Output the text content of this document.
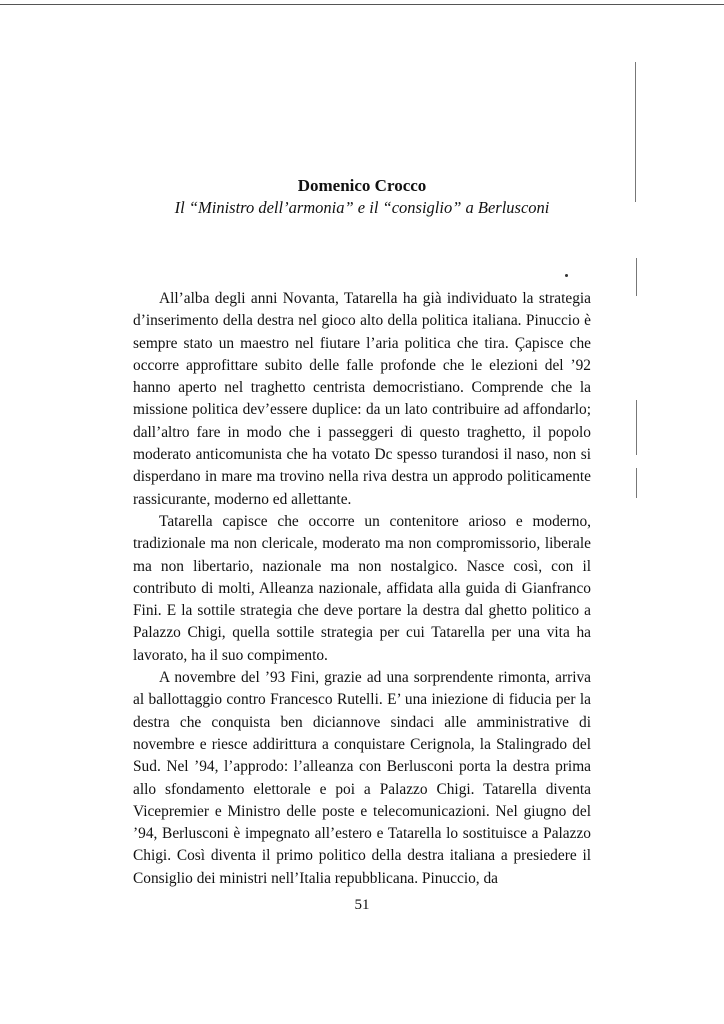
Domenico Crocco

Il “Ministro dell’armonia” e il “consiglio” a Berlusconi

All’alba degli anni Novanta, Tatarella ha già individuato la strategia d’inserimento della destra nel gioco alto della politica italiana. Pinuccio è sempre stato un maestro nel fiutare l’aria politica che tira. Çapisce che occorre approfittare subito delle falle profonde che le elezioni del ’92 hanno aperto nel traghetto centrista democristiano. Comprende che la missione politica dev’essere duplice: da un lato contribuire ad affondarlo; dall’altro fare in modo che i passeggeri di questo traghetto, il popolo moderato anticomunista che ha votato Dc spesso turandosi il naso, non si disperdano in mare ma trovino nella riva destra un approdo politicamente rassicurante, moderno ed allettante.

Tatarella capisce che occorre un contenitore arioso e moderno, tradizionale ma non clericale, moderato ma non compromissorio, liberale ma non libertario, nazionale ma non nostalgico. Nasce così, con il contributo di molti, Alleanza nazionale, affidata alla guida di Gianfranco Fini. E la sottile strategia che deve portare la destra dal ghetto politico a Palazzo Chigi, quella sottile strategia per cui Tatarella per una vita ha lavorato, ha il suo compimento.

A novembre del ’93 Fini, grazie ad una sorprendente rimonta, arriva al ballottaggio contro Francesco Rutelli. E’ una iniezione di fiducia per la destra che conquista ben diciannove sindaci alle amministrative di novembre e riesce addirittura a conquistare Cerignola, la Stalingrado del Sud. Nel ’94, l’approdo: l’alleanza con Berlusconi porta la destra prima allo sfondamento elettorale e poi a Palazzo Chigi. Tatarella diventa Vicepremier e Ministro delle poste e telecomunicazioni. Nel giugno del ’94, Berlusconi è impegnato all’estero e Tatarella lo sostituisce a Palazzo Chigi. Così diventa il primo politico della destra italiana a presiedere il Consiglio dei ministri nell’Italia repubblicana. Pinuccio, da

51
